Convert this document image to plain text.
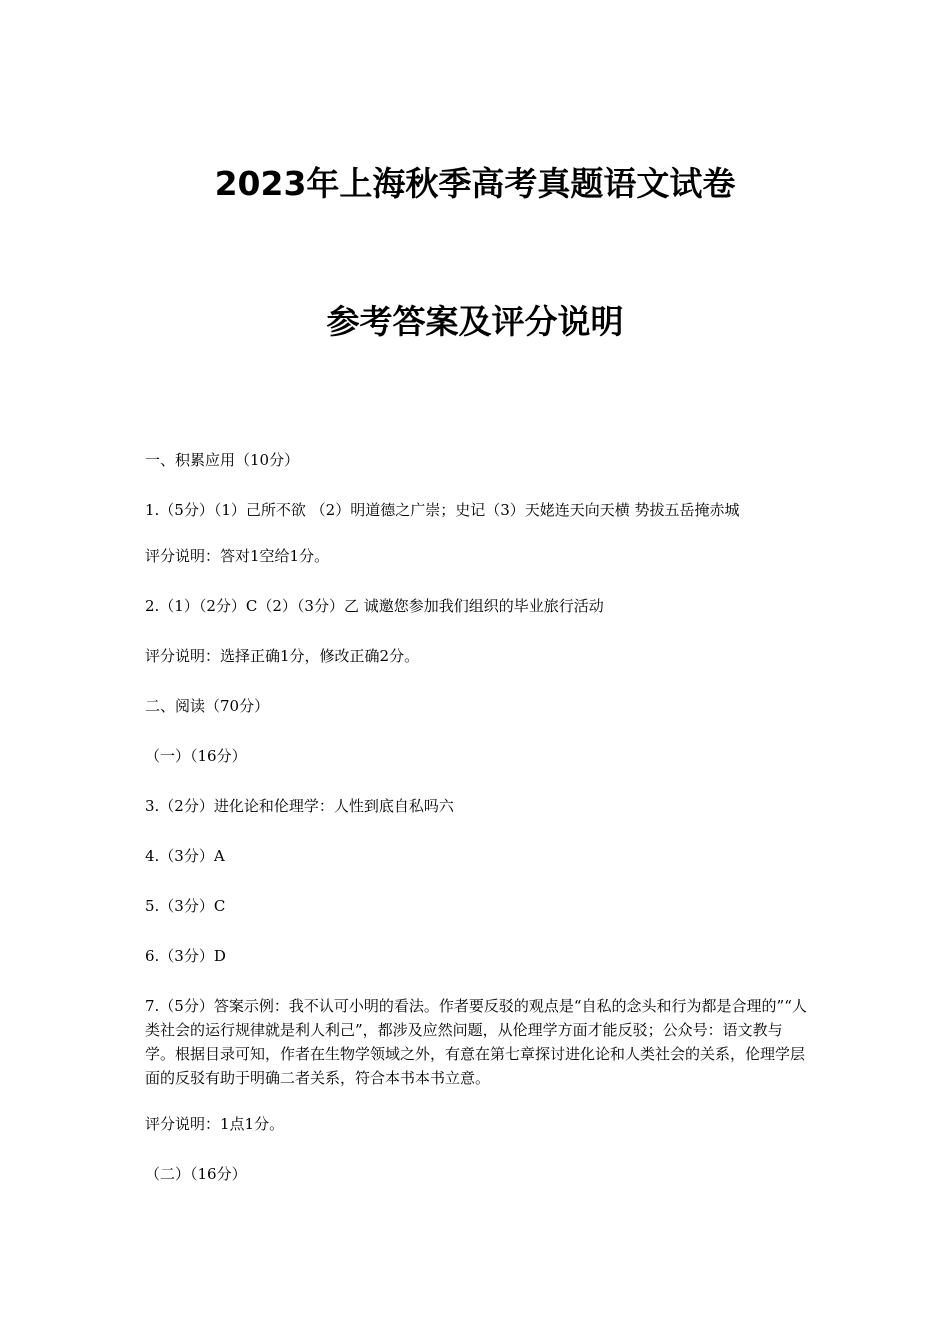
2023年上海秋季高考真题语文试卷
参考答案及评分说明

一、积累应用（10分）

1.（5分）（1）己所不欲 （2）明道德之广崇；史记（3）天姥连天向天横 势拔五岳掩赤城

评分说明：答对1空给1分。

2.（1）（2分）C（2）（3分）乙 诚邀您参加我们组织的毕业旅行活动

评分说明：选择正确1分，修改正确2分。

二、阅读（70分）

（一）（16分）

3.（2分）进化论和伦理学：人性到底自私吗六

4.（3分）A

5.（3分）C

6.（3分）D

7.（5分）答案示例：我不认可小明的看法。作者要反驳的观点是“自私的念头和行为都是合理的”“人类社会的运行规律就是利人利己”，都涉及应然问题，从伦理学方面才能反驳；公众号：语文教与学。根据目录可知，作者在生物学领域之外，有意在第七章探讨进化论和人类社会的关系，伦理学层面的反驳有助于明确二者关系，符合本书本书立意。

评分说明：1点1分。

（二）（16分）
